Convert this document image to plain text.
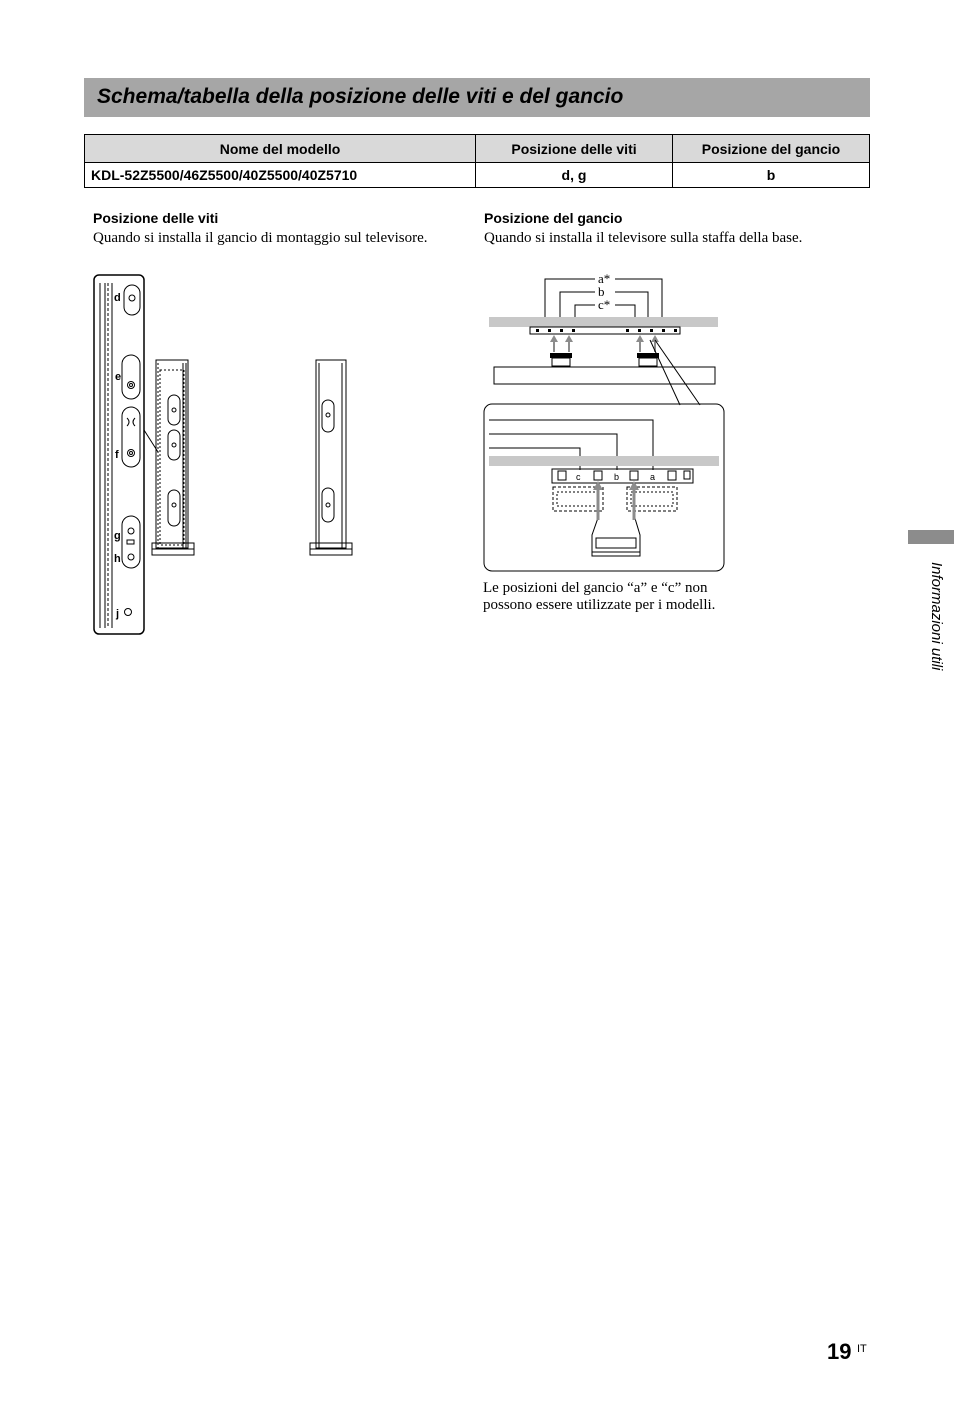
Schema/tabella della posizione delle viti e del gancio
Nome del modello	Posizione delle viti	Posizione del gancio
KDL-52Z5500/46Z5500/40Z5500/40Z5710	d, g	b
Posizione delle viti
Quando si installa il gancio di montaggio sul televisore.
Posizione del gancio
Quando si installa il televisore sulla staffa della base.
d
e
f
g
h
j
a*
b
c*
c	b	a
Le posizioni del gancio “a” e “c” non possono essere utilizzate per i modelli.	Informazioni utili
19 IT
